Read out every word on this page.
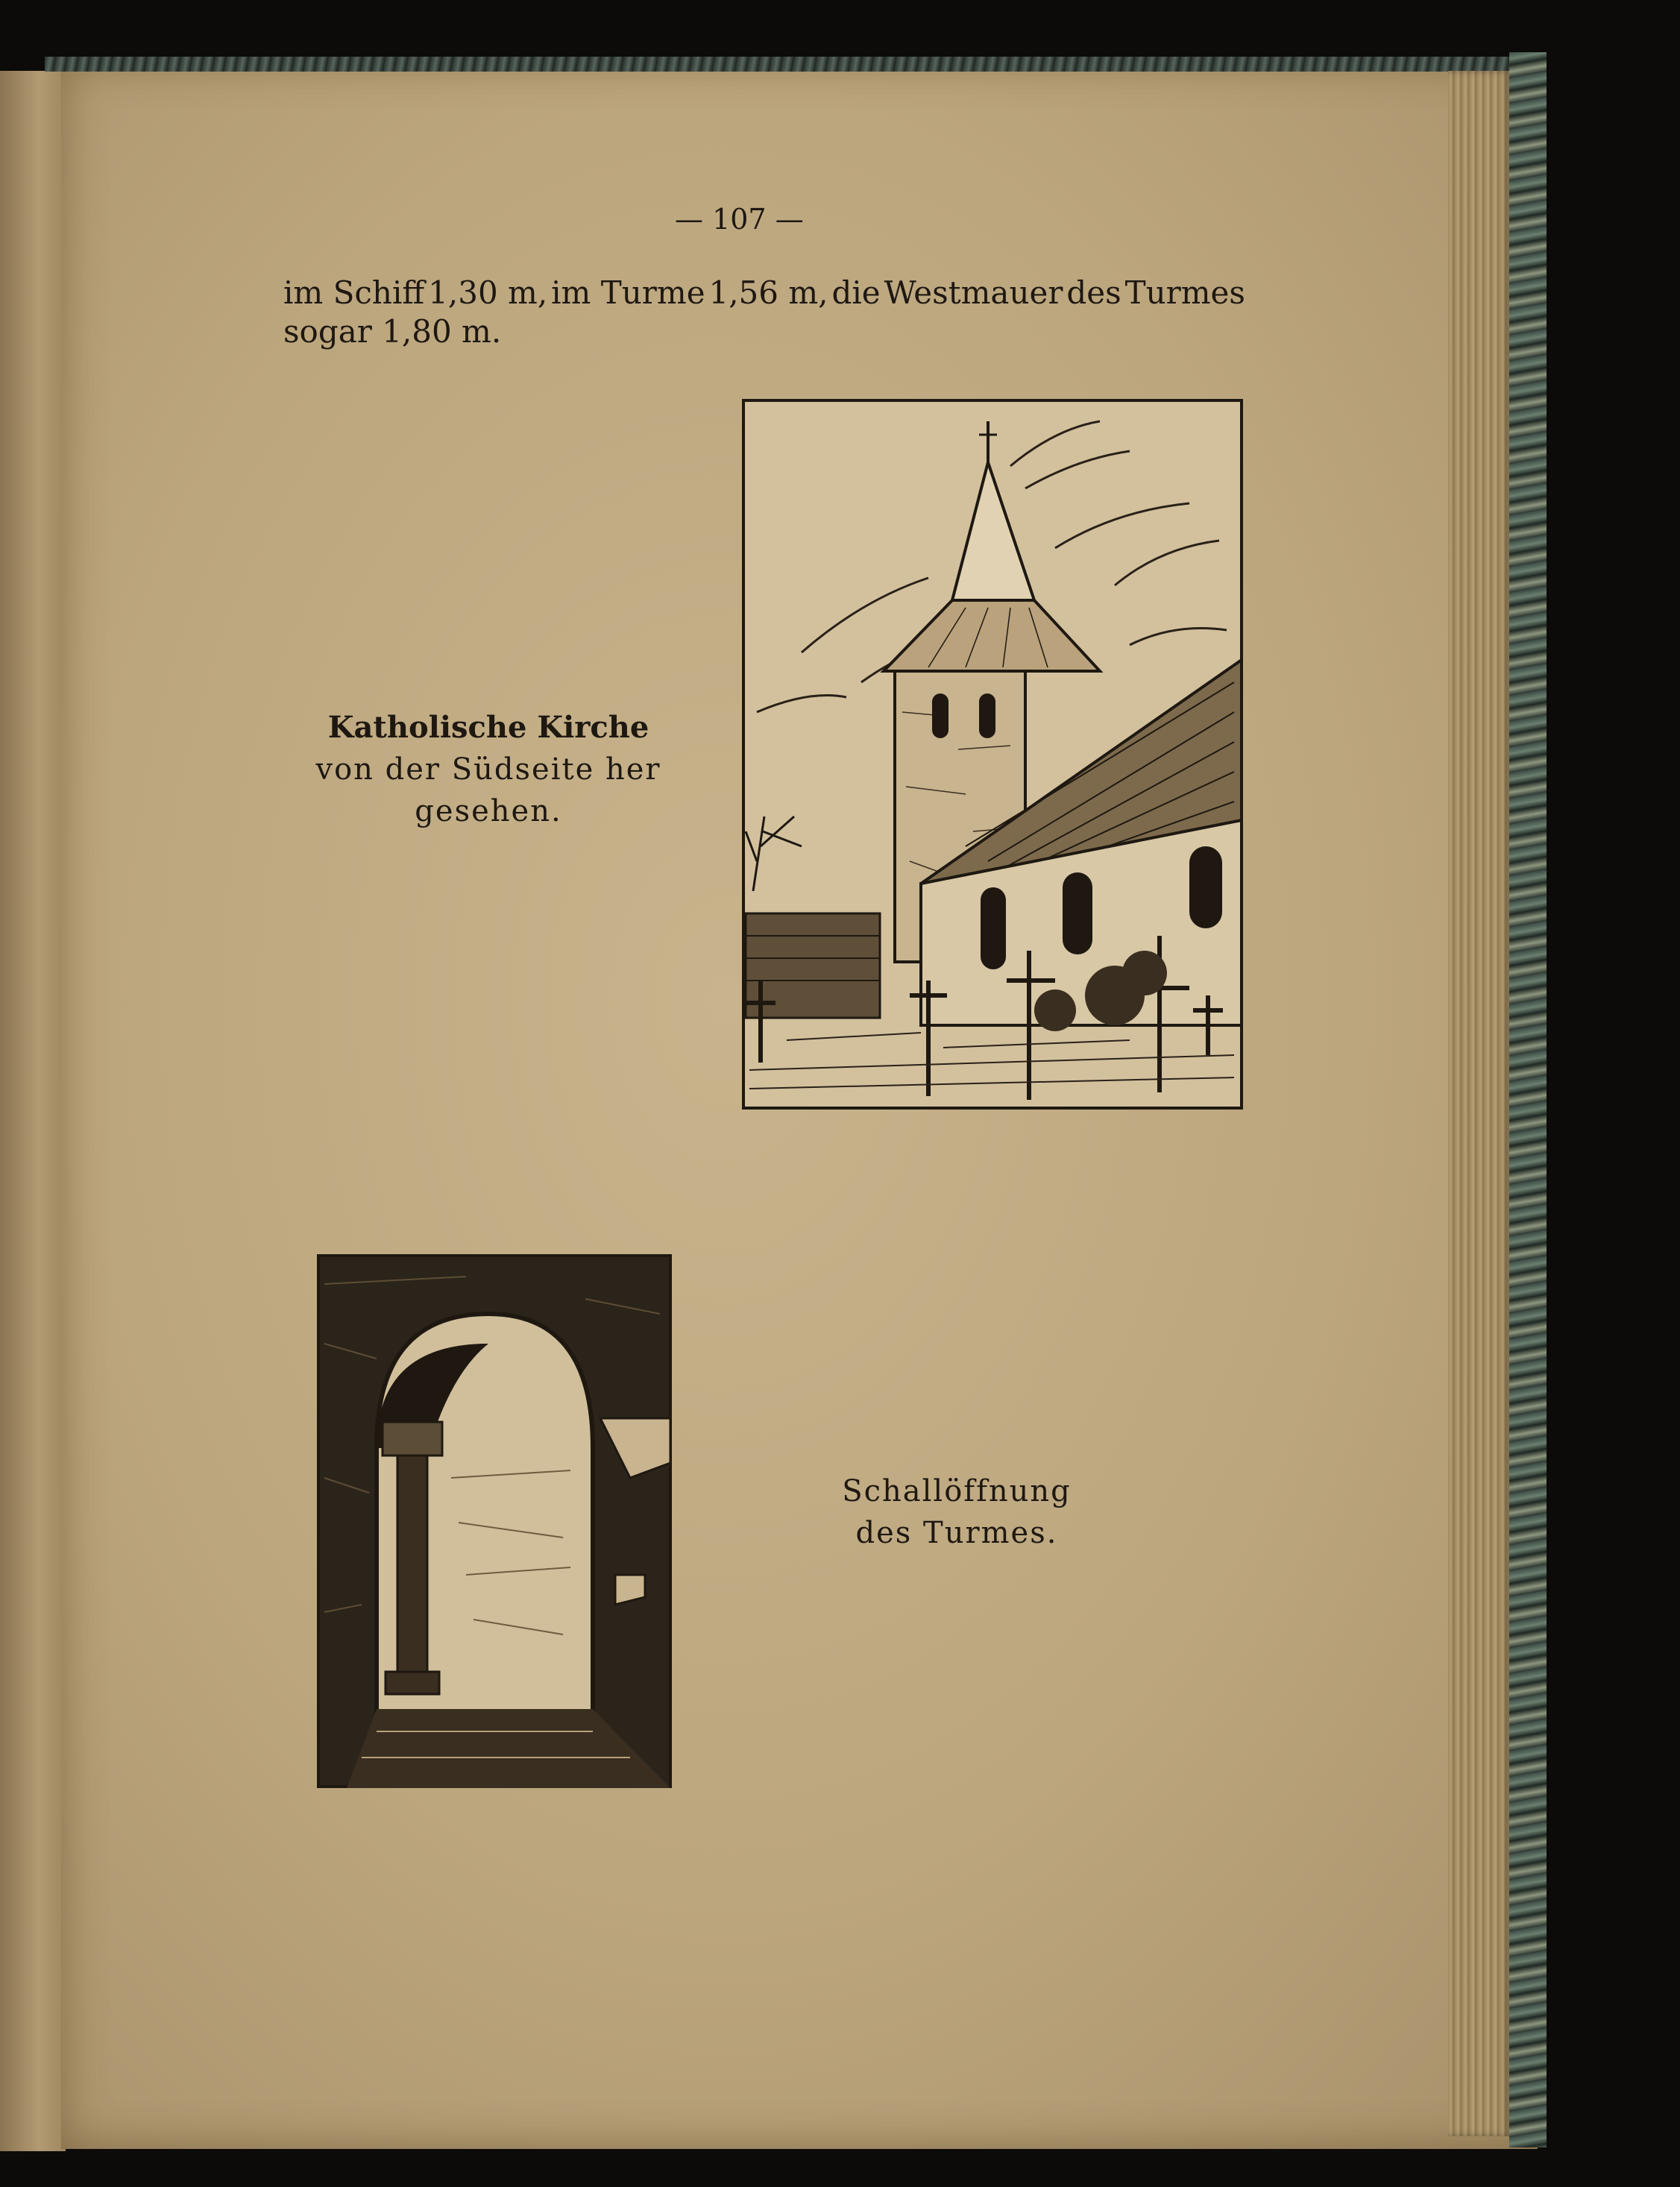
— 107 —
im Schiff 1,30 m, im Turme 1,56 m, die Westmauer des Turmes
sogar 1,80 m.
Katholische Kirche
von der Südseite her
gesehen.
Schallöffnung
des Turmes.
